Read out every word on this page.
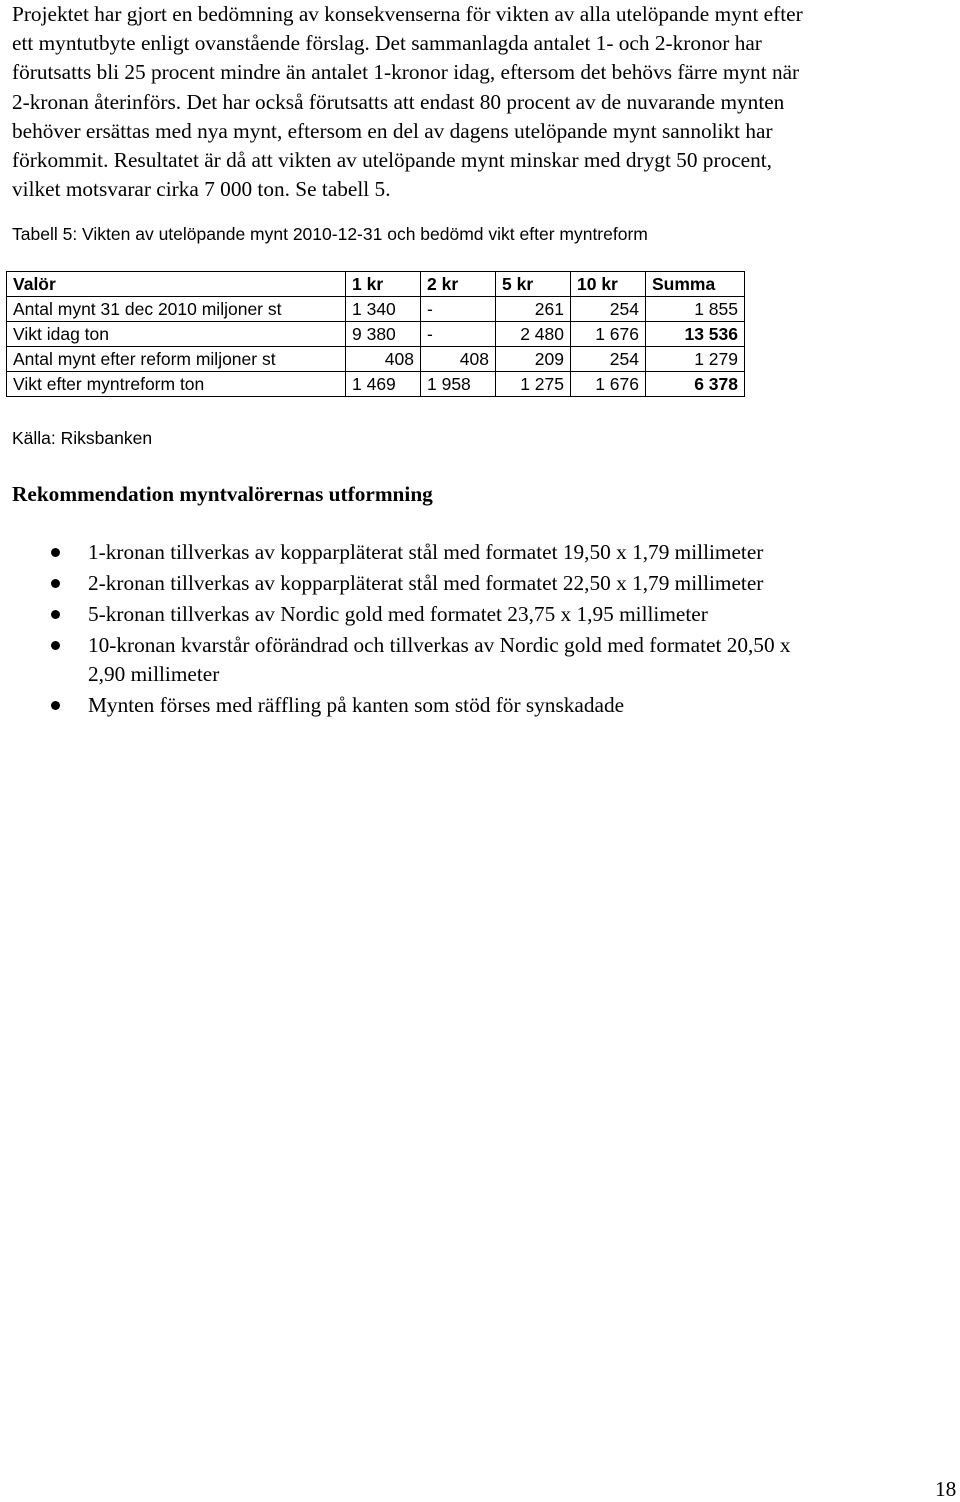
Projektet har gjort en bedömning av konsekvenserna för vikten av alla utelöpande mynt efter
ett myntutbyte enligt ovanstående förslag. Det sammanlagda antalet 1- och 2-kronor har
förutsatts bli 25 procent mindre än antalet 1-kronor idag, eftersom det behövs färre mynt när
2-kronan återinförs. Det har också förutsatts att endast 80 procent av de nuvarande mynten
behöver ersättas med nya mynt, eftersom en del av dagens utelöpande mynt sannolikt har
förkommit. Resultatet är då att vikten av utelöpande mynt minskar med drygt 50 procent,
vilket motsvarar cirka 7 000 ton. Se tabell 5.

Tabell 5: Vikten av utelöpande mynt 2010-12-31 och bedömd vikt efter myntreform

Valör	1 kr	2 kr	5 kr	10 kr	Summa
Antal mynt 31 dec 2010 miljoner st	1 340	-	261	254	1 855
Vikt idag ton	9 380	-	2 480	1 676	13 536
Antal mynt efter reform miljoner st	408	408	209	254	1 279
Vikt efter myntreform ton	1 469	1 958	1 275	1 676	6 378

Källa: Riksbanken

Rekommendation myntvalörernas utformning
1-kronan tillverkas av kopparpläterat stål med formatet 19,50 x 1,79 millimeter
2-kronan tillverkas av kopparpläterat stål med formatet 22,50 x 1,79 millimeter
5-kronan tillverkas av Nordic gold med formatet 23,75 x 1,95 millimeter
10-kronan kvarstår oförändrad och tillverkas av Nordic gold med formatet 20,50 x
2,90 millimeter
Mynten förses med räffling på kanten som stöd för synskadade

18
